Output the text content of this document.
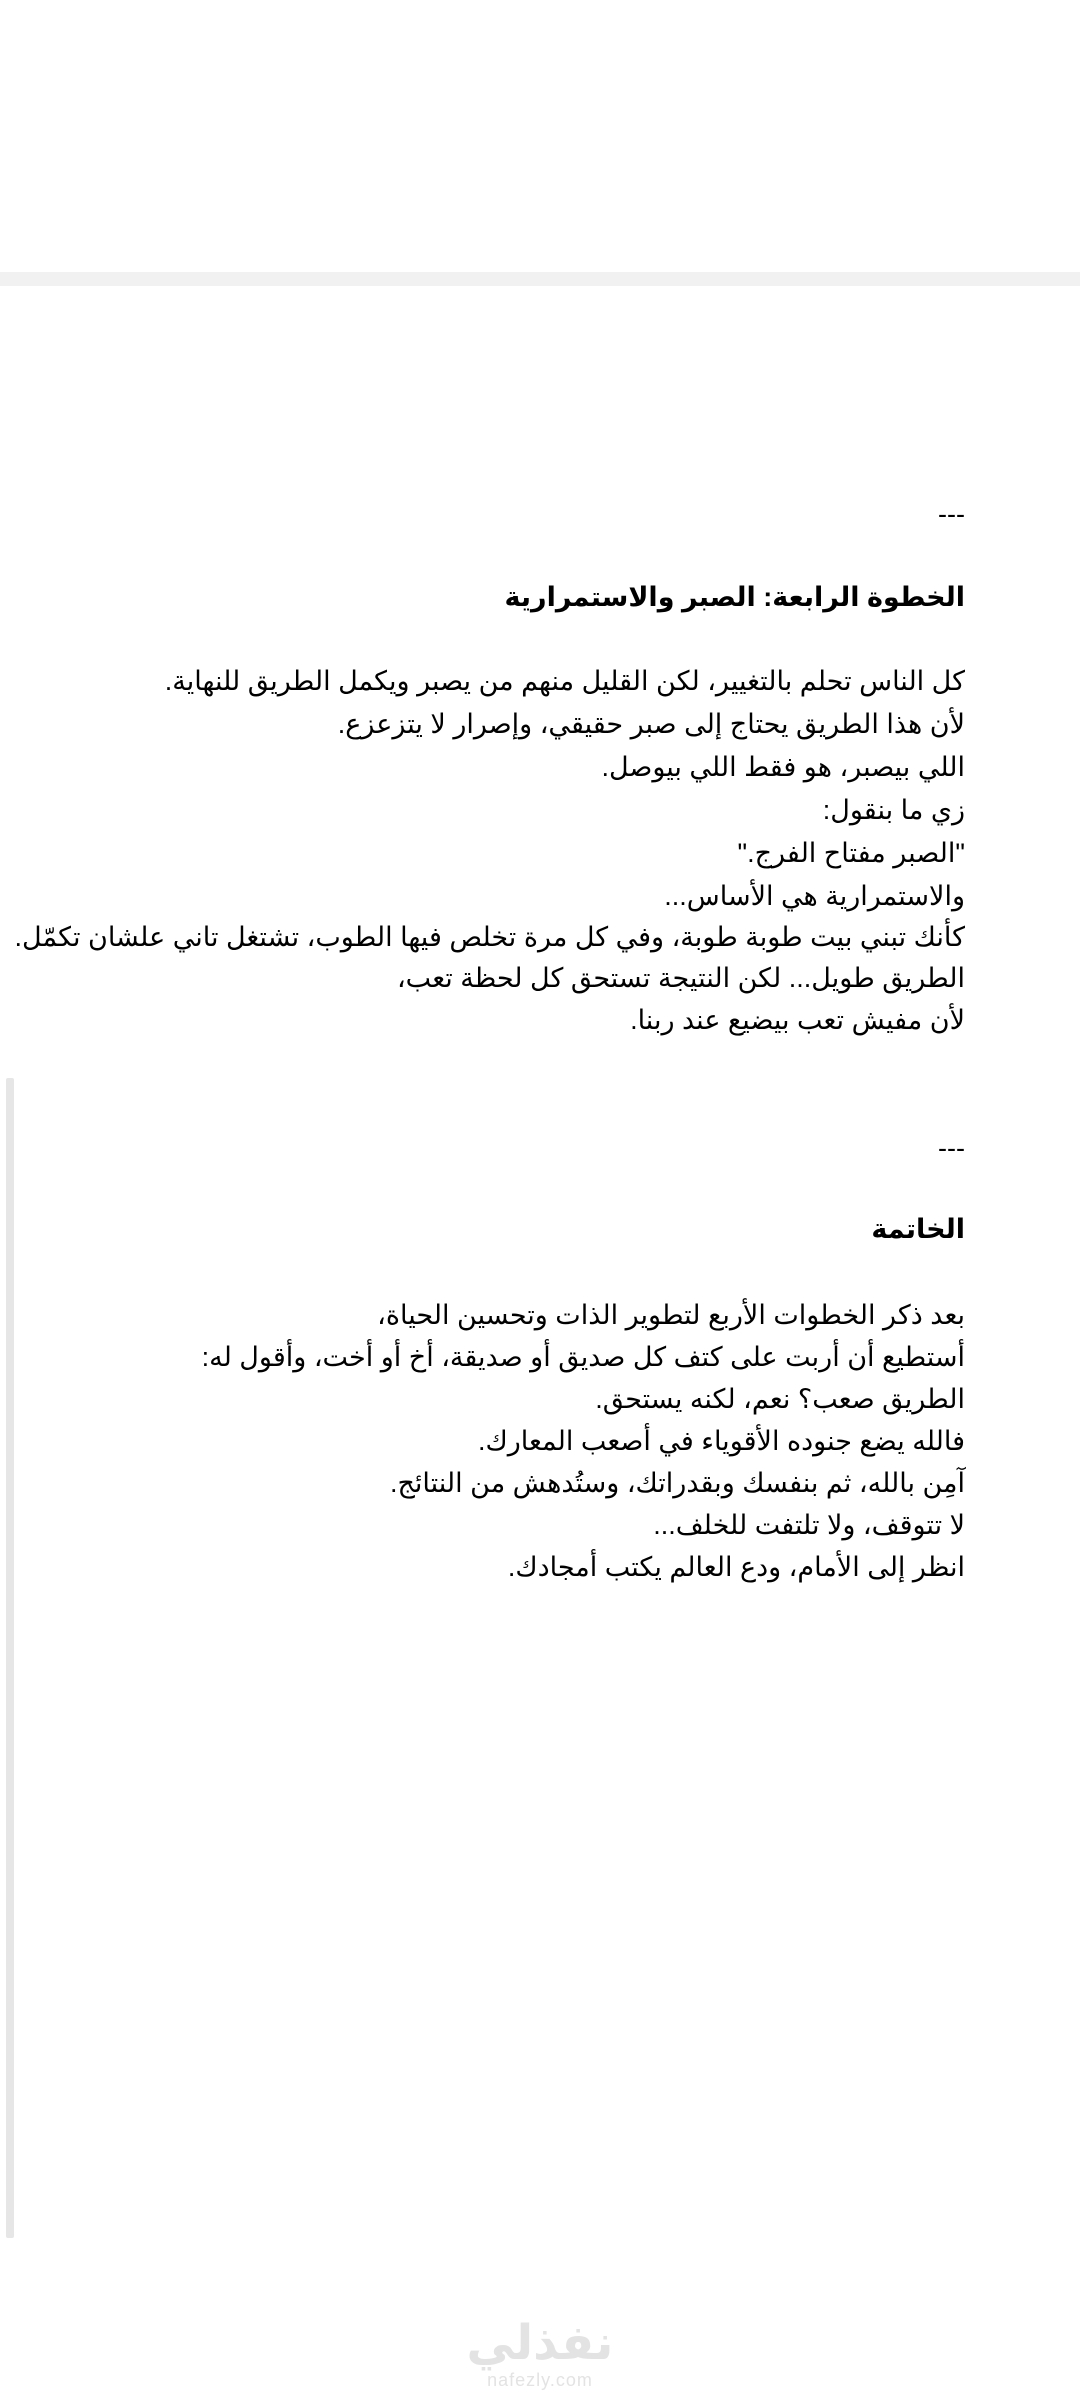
---
الخطوة الرابعة: الصبر والاستمرارية
كل الناس تحلم بالتغيير، لكن القليل منهم من يصبر ويكمل الطريق للنهاية.
لأن هذا الطريق يحتاج إلى صبر حقيقي، وإصرار لا يتزعزع.
اللي بيصبر، هو فقط اللي بيوصل.
زي ما بنقول:
"الصبر مفتاح الفرج."
والاستمرارية هي الأساس...
كأنك تبني بيت طوبة طوبة، وفي كل مرة تخلص فيها الطوب، تشتغل تاني علشان تكمّل.
الطريق طويل... لكن النتيجة تستحق كل لحظة تعب،
لأن مفيش تعب بيضيع عند ربنا.
---
الخاتمة
بعد ذكر الخطوات الأربع لتطوير الذات وتحسين الحياة،
أستطيع أن أربت على كتف كل صديق أو صديقة، أخ أو أخت، وأقول له:
الطريق صعب؟ نعم، لكنه يستحق.
فالله يضع جنوده الأقوياء في أصعب المعارك.
آمِن بالله، ثم بنفسك وبقدراتك، وستُدهش من النتائج.
لا تتوقف، ولا تلتفت للخلف...
انظر إلى الأمام، ودع العالم يكتب أمجادك.
نفذلي
nafezly.com
